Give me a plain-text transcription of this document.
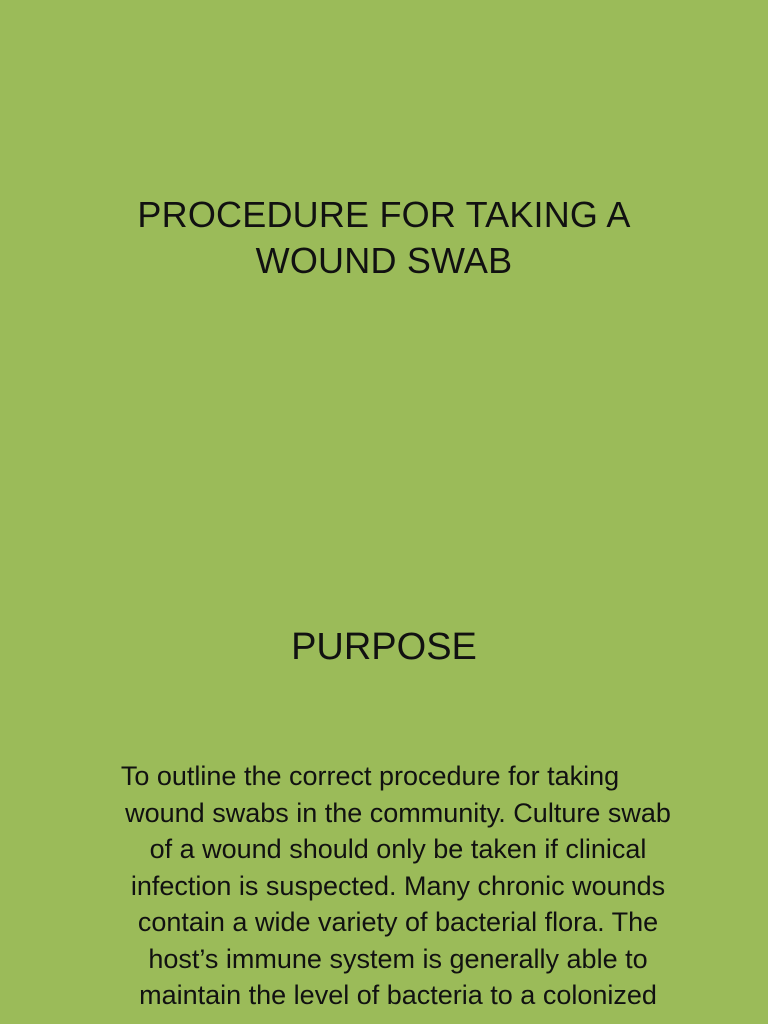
PROCEDURE FOR TAKING A
WOUND SWAB
PURPOSE
To outline the correct procedure for taking
wound swabs in the community. Culture swab
of a wound should only be taken if clinical
infection is suspected. Many chronic wounds
contain a wide variety of bacterial flora. The
host’s immune system is generally able to
maintain the level of bacteria to a colonized
